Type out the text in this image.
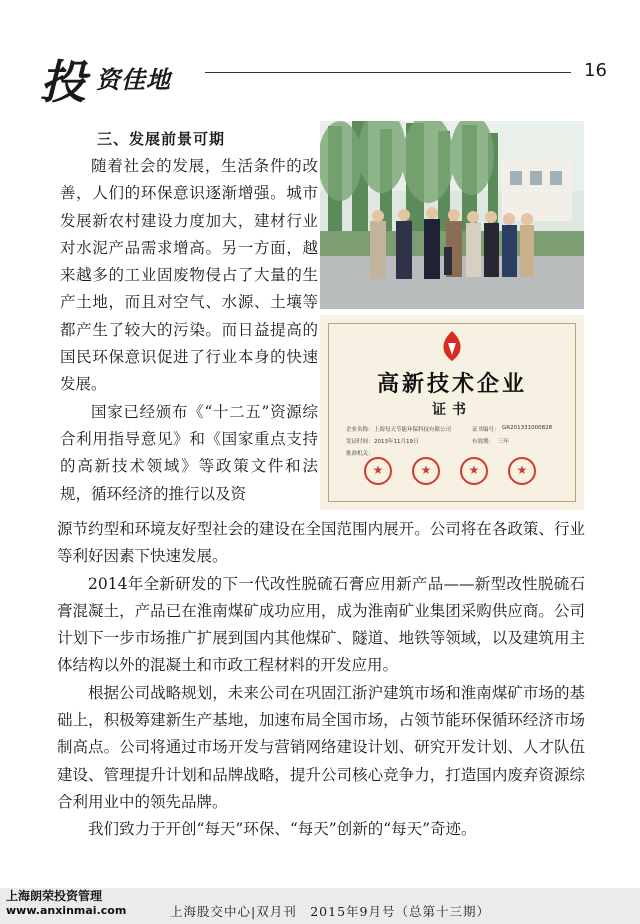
投 资佳地	16
三、发展前景可期

随着社会的发展，生活条件的改善，人们的环保意识逐渐增强。城市发展新农村建设力度加大，建材行业对水泥产品需求增高。另一方面，越来越多的工业固废物侵占了大量的生产土地，而且对空气、水源、土壤等都产生了较大的污染。而日益提高的国民环保意识促进了行业本身的快速发展。

国家已经颁布《“十二五”资源综合利用指导意见》和《国家重点支持的高新技术领域》等政策文件和法规，循环经济的推行以及资

高新技术企业
证书
企业名称： 上海每天节能环保科技有限公司	证书编号： GR201331000828
发证时间： 2013年11月19日	有效期： 三年
批准机关：
★
★
★
★

源节约型和环境友好型社会的建设在全国范围内展开。公司将在各政策、行业等利好因素下快速发展。

2014年全新研发的下一代改性脱硫石膏应用新产品——新型改性脱硫石膏混凝土，产品已在淮南煤矿成功应用，成为淮南矿业集团采购供应商。公司计划下一步市场推广扩展到国内其他煤矿、隧道、地铁等领域，以及建筑用主体结构以外的混凝土和市政工程材料的开发应用。

根据公司战略规划，未来公司在巩固江浙沪建筑市场和淮南煤矿市场的基础上，积极筹建新生产基地，加速布局全国市场，占领节能环保循环经济市场制高点。公司将通过市场开发与营销网络建设计划、研究开发计划、人才队伍建设、管理提升计划和品牌战略，提升公司核心竞争力，打造国内废弃资源综合利用业中的领先品牌。

我们致力于开创“每天”环保、“每天”创新的“每天”奇迹。

上海股交中心|双月刊　2015年9月号（总第十三期）
上海朗荣投资管理
www.anxinmai.com
